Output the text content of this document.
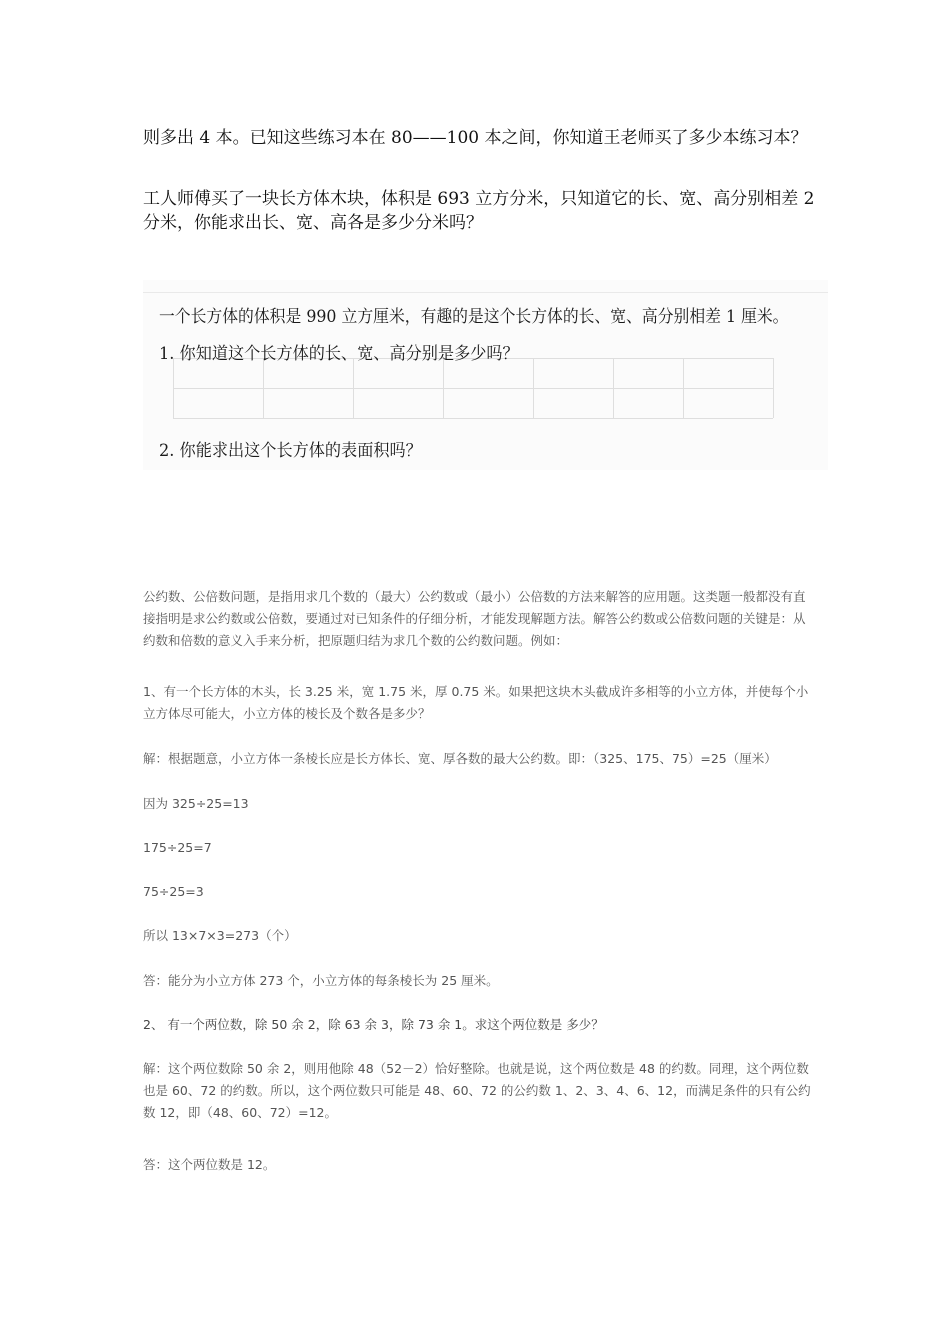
则多出 4 本。已知这些练习本在 80——100 本之间，你知道王老师买了多少本练习本？

工人师傅买了一块长方体木块，体积是 693 立方分米，只知道它的长、宽、高分别相差 2 分米，你能求出长、宽、高各是多少分米吗？

一个长方体的体积是 990 立方厘米，有趣的是这个长方体的长、宽、高分别相差 1 厘米。
1. 你知道这个长方体的长、宽、高分别是多少吗？
2. 你能求出这个长方体的表面积吗？

公约数、公倍数问题，是指用求几个数的（最大）公约数或（最小）公倍数的方法来解答的应用题。这类题一般都没有直接指明是求公约数或公倍数，要通过对已知条件的仔细分析，才能发现解题方法。解答公约数或公倍数问题的关键是：从约数和倍数的意义入手来分析，把原题归结为求几个数的公约数问题。例如：

1、有一个长方体的木头，长 3.25 米，宽 1.75 米，厚 0.75 米。如果把这块木头截成许多相等的小立方体，并使每个小立方体尽可能大，小立方体的棱长及个数各是多少？

解：根据题意，小立方体一条棱长应是长方体长、宽、厚各数的最大公约数。即：（325、175、75）=25（厘米）

因为 325÷25=13

175÷25=7

75÷25=3

所以 13×7×3=273（个）

答：能分为小立方体 273 个，小立方体的每条棱长为 25 厘米。

2、 有一个两位数，除 50 余 2，除 63 余 3，除 73 余 1。求这个两位数是 多少？

解：这个两位数除 50 余 2，则用他除 48（52－2）恰好整除。也就是说，这个两位数是 48 的约数。同理，这个两位数也是 60、72 的约数。所以，这个两位数只可能是 48、60、72 的公约数 1、2、3、4、6、12，而满足条件的只有公约数 12，即（48、60、72）=12。

答：这个两位数是 12。
